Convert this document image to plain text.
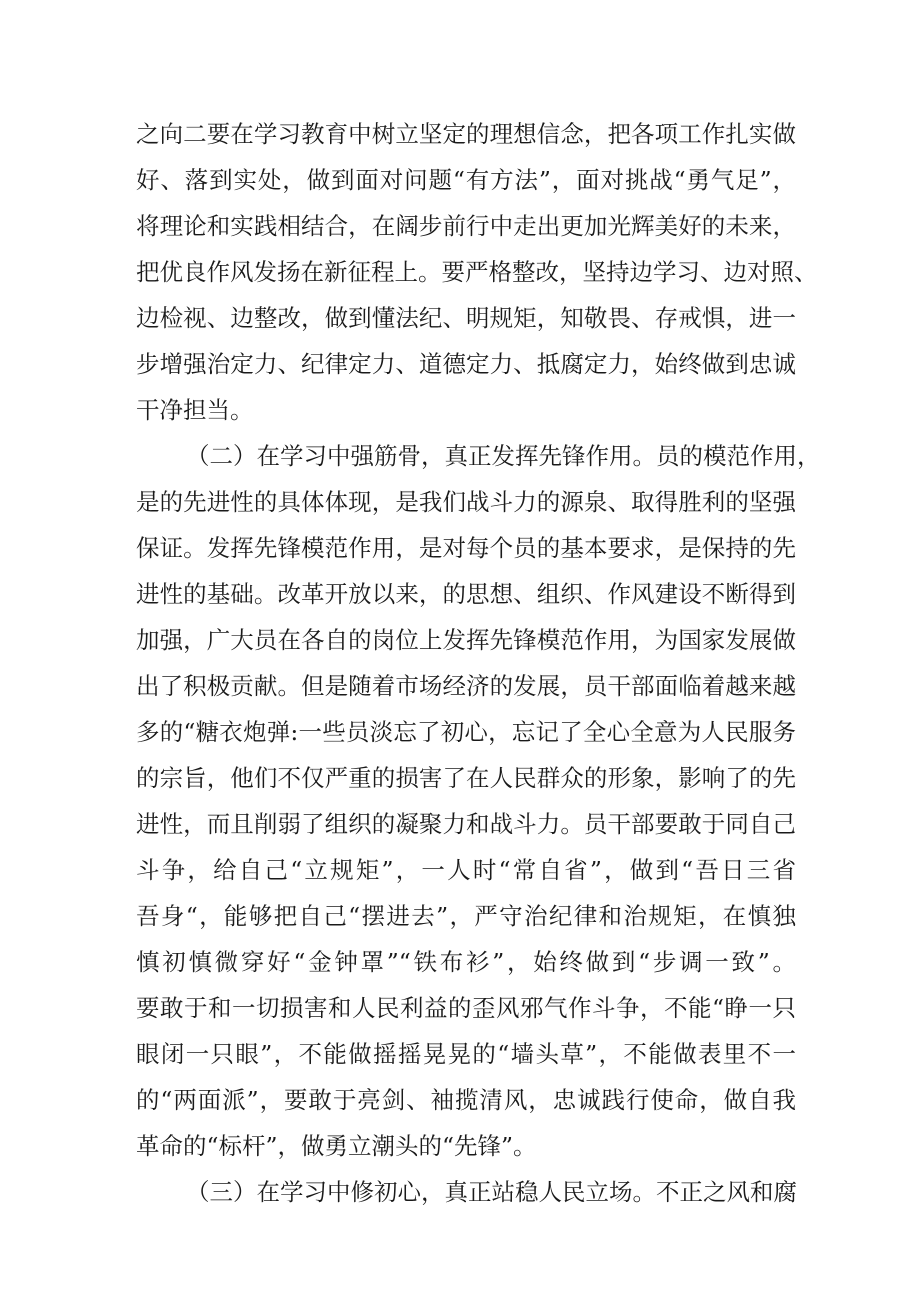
之向二要在学习教育中树立坚定的理想信念，把各项工作扎实做
好、落到实处，做到面对问题“有方法”，面对挑战“勇气足”，
将理论和实践相结合，在阔步前行中走出更加光辉美好的未来，
把优良作风发扬在新征程上。要严格整改，坚持边学习、边对照、
边检视、边整改，做到懂法纪、明规矩，知敬畏、存戒惧，进一
步增强治定力、纪律定力、道德定力、抵腐定力，始终做到忠诚
干净担当。
（二）在学习中强筋骨，真正发挥先锋作用。员的模范作用，
是的先进性的具体体现，是我们战斗力的源泉、取得胜利的坚强
保证。发挥先锋模范作用，是对每个员的基本要求，是保持的先
进性的基础。改革开放以来，的思想、组织、作风建设不断得到
加强，广大员在各自的岗位上发挥先锋模范作用，为国家发展做
出了积极贡献。但是随着市场经济的发展，员干部面临着越来越
多的“糖衣炮弹:一些员淡忘了初心，忘记了全心全意为人民服务
的宗旨，他们不仅严重的损害了在人民群众的形象，影响了的先
进性，而且削弱了组织的凝聚力和战斗力。员干部要敢于同自己
斗争，给自己“立规矩”，一人时“常自省”，做到“吾日三省
吾身“，能够把自己“摆进去”，严守治纪律和治规矩，在慎独
慎初慎微穿好“金钟罩”“铁布衫”，始终做到“步调一致”。
要敢于和一切损害和人民利益的歪风邪气作斗争，不能“睁一只
眼闭一只眼”，不能做摇摇晃晃的“墙头草”，不能做表里不一
的“两面派”，要敢于亮剑、袖揽清风，忠诚践行使命，做自我
革命的“标杆”，做勇立潮头的“先锋”。
（三）在学习中修初心，真正站稳人民立场。不正之风和腐
